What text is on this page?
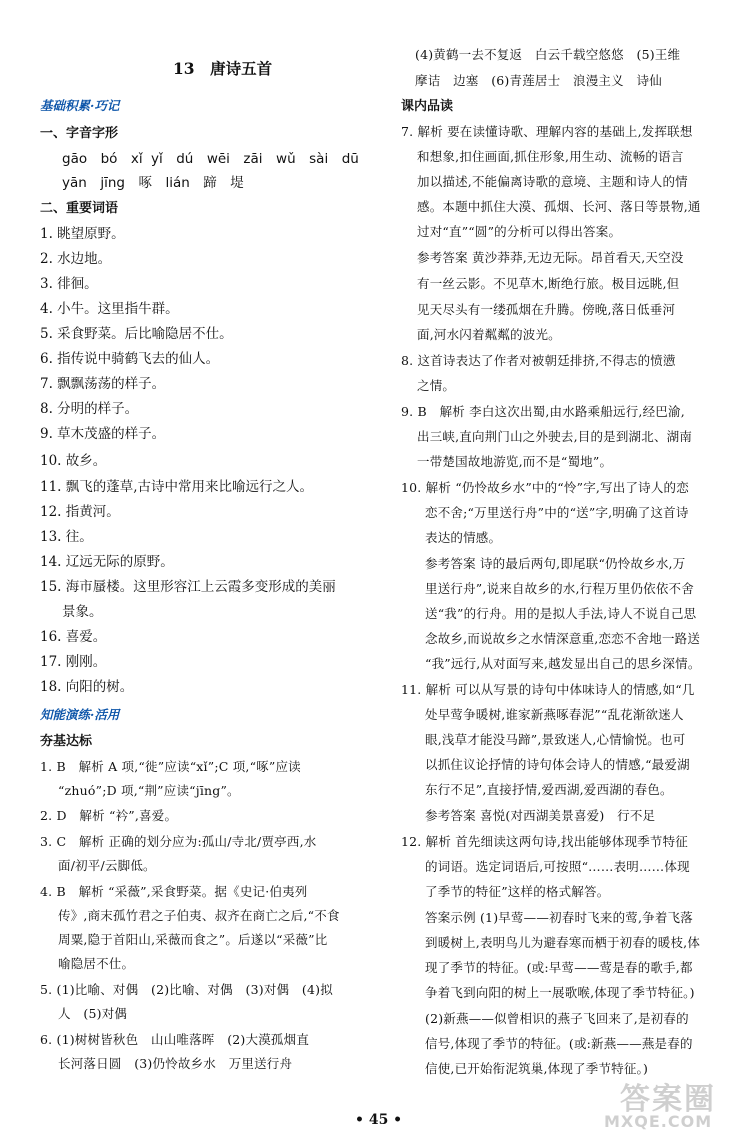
13　唐诗五首
基础积累·巧记
一、字音字形
gāo　bó　xǐ yǐ　dú　wēi　zāi　wǔ　sài　dū
yān　jīng　啄　lián　蹄　堤
二、重要词语
1. 眺望原野。
2. 水边地。
3. 徘徊。
4. 小牛。这里指牛群。
5. 采食野菜。后比喻隐居不仕。
6. 指传说中骑鹤飞去的仙人。
7. 飘飘荡荡的样子。
8. 分明的样子。
9. 草木茂盛的样子。
10. 故乡。
11. 飘飞的蓬草,古诗中常用来比喻远行之人。
12. 指黄河。
13. 往。
14. 辽远无际的原野。
15. 海市蜃楼。这里形容江上云霞多变形成的美丽
景象。
16. 喜爱。
17. 刚刚。
18. 向阳的树。
知能演练·活用
夯基达标
1. B　解析 A 项,“徙”应读“xǐ”;C 项,“啄”应读
“zhuó”;D 项,“荆”应读“jīng”。
2. D　解析 “衿”,喜爱。
3. C　解析 正确的划分应为:孤山/寺北/贾亭西,水
面/初平/云脚低。
4. B　解析 “采薇”,采食野菜。据《史记·伯夷列
传》,商末孤竹君之子伯夷、叔齐在商亡之后,“不食
周粟,隐于首阳山,采薇而食之”。后遂以“采薇”比
喻隐居不仕。
5. (1)比喻、对偶　(2)比喻、对偶　(3)对偶　(4)拟
人　(5)对偶
6. (1)树树皆秋色　山山唯落晖　(2)大漠孤烟直
长河落日圆　(3)仍怜故乡水　万里送行舟
(4)黄鹤一去不复返　白云千载空悠悠　(5)王维
摩诘　边塞　(6)青莲居士　浪漫主义　诗仙
课内品读
7. 解析 要在读懂诗歌、理解内容的基础上,发挥联想
和想象,扣住画面,抓住形象,用生动、流畅的语言
加以描述,不能偏离诗歌的意境、主题和诗人的情
感。本题中抓住大漠、孤烟、长河、落日等景物,通
过对“直”“圆”的分析可以得出答案。
参考答案 黄沙莽莽,无边无际。昂首看天,天空没
有一丝云影。不见草木,断绝行旅。极目远眺,但
见天尽头有一缕孤烟在升腾。傍晚,落日低垂河
面,河水闪着粼粼的波光。
8. 这首诗表达了作者对被朝廷排挤,不得志的愤懑
之情。
9. B　解析 李白这次出蜀,由水路乘船远行,经巴渝,
出三峡,直向荆门山之外驶去,目的是到湖北、湖南
一带楚国故地游览,而不是“蜀地”。
10. 解析 “仍怜故乡水”中的“怜”字,写出了诗人的恋
恋不舍;“万里送行舟”中的“送”字,明确了这首诗
表达的情感。
参考答案 诗的最后两句,即尾联“仍怜故乡水,万
里送行舟”,说来自故乡的水,行程万里仍依依不舍
送“我”的行舟。用的是拟人手法,诗人不说自己思
念故乡,而说故乡之水情深意重,恋恋不舍地一路送
“我”远行,从对面写来,越发显出自己的思乡深情。
11. 解析 可以从写景的诗句中体味诗人的情感,如“几
处早莺争暖树,谁家新燕啄春泥”“乱花渐欲迷人
眼,浅草才能没马蹄”,景致迷人,心情愉悦。也可
以抓住议论抒情的诗句体会诗人的情感,“最爱湖
东行不足”,直接抒情,爱西湖,爱西湖的春色。
参考答案 喜悦(对西湖美景喜爱)　行不足
12. 解析 首先细读这两句诗,找出能够体现季节特征
的词语。选定词语后,可按照“……表明……体现
了季节的特征”这样的格式解答。
答案示例 (1)早莺——初春时飞来的莺,争着飞落
到暖树上,表明鸟儿为避春寒而栖于初春的暖枝,体
现了季节的特征。(或:早莺——莺是春的歌手,都
争着飞到向阳的树上一展歌喉,体现了季节特征。)
(2)新燕——似曾相识的燕子飞回来了,是初春的
信号,体现了季节的特征。(或:新燕——燕是春的
信使,已开始衔泥筑巢,体现了季节特征。)
• 45 •
答案圈
MXQE.COM
